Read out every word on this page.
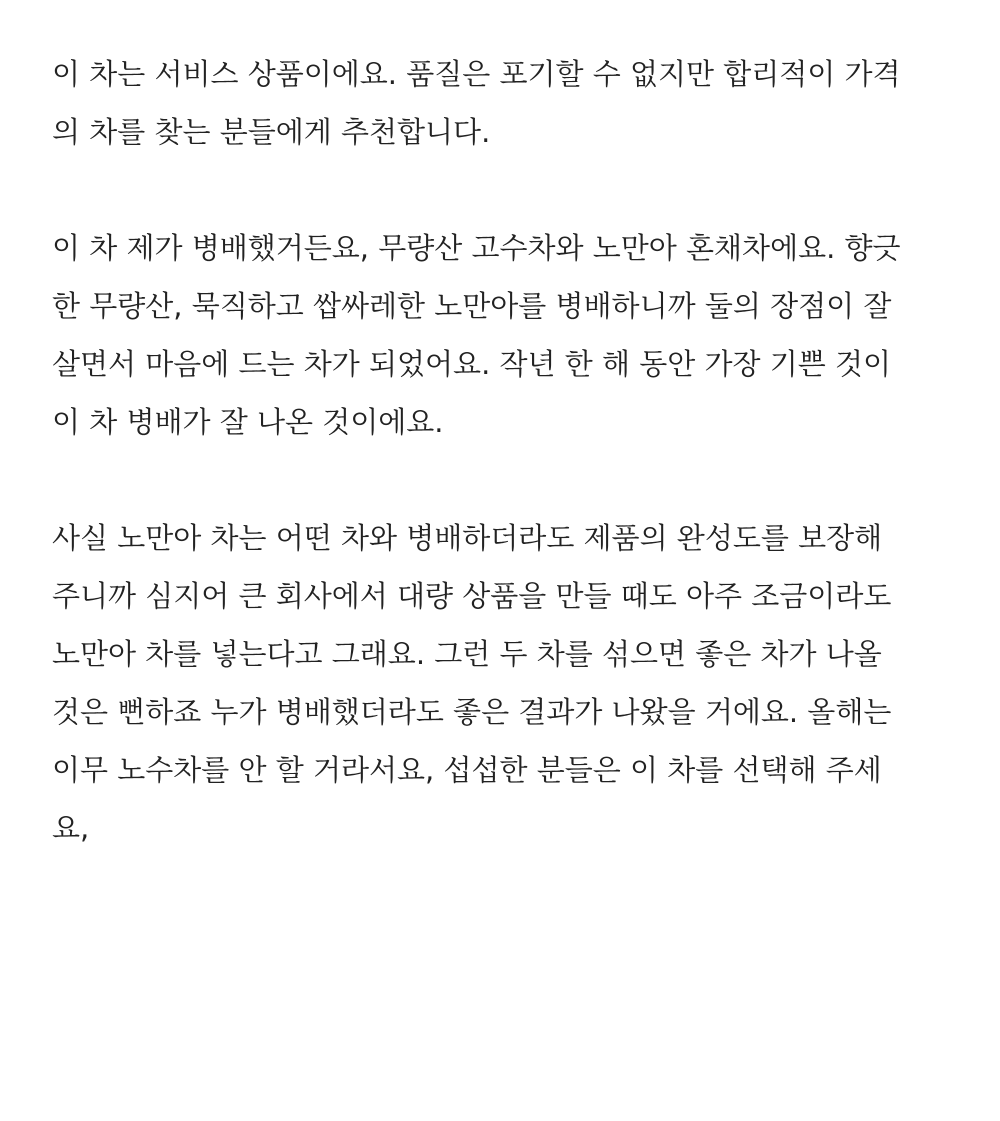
이 차는 서비스 상품이에요. 품질은 포기할 수 없지만 합리적이 가격
의 차를 찾는 분들에게 추천합니다.
이 차 제가 병배했거든요, 무량산 고수차와 노만아 혼채차에요. 향긋
한 무량산, 묵직하고 쌉싸레한 노만아를 병배하니까 둘의 장점이 잘
살면서 마음에 드는 차가 되었어요. 작년 한 해 동안 가장 기쁜 것이
이 차 병배가 잘 나온 것이에요.
사실 노만아 차는 어떤 차와 병배하더라도 제품의 완성도를 보장해
주니까 심지어 큰 회사에서 대량 상품을 만들 때도 아주 조금이라도
노만아 차를 넣는다고 그래요. 그런 두 차를 섞으면 좋은 차가 나올
것은 뻔하죠 누가 병배했더라도 좋은 결과가 나왔을 거에요. 올해는
이무 노수차를 안 할 거라서요, 섭섭한 분들은 이 차를 선택해 주세
요,
